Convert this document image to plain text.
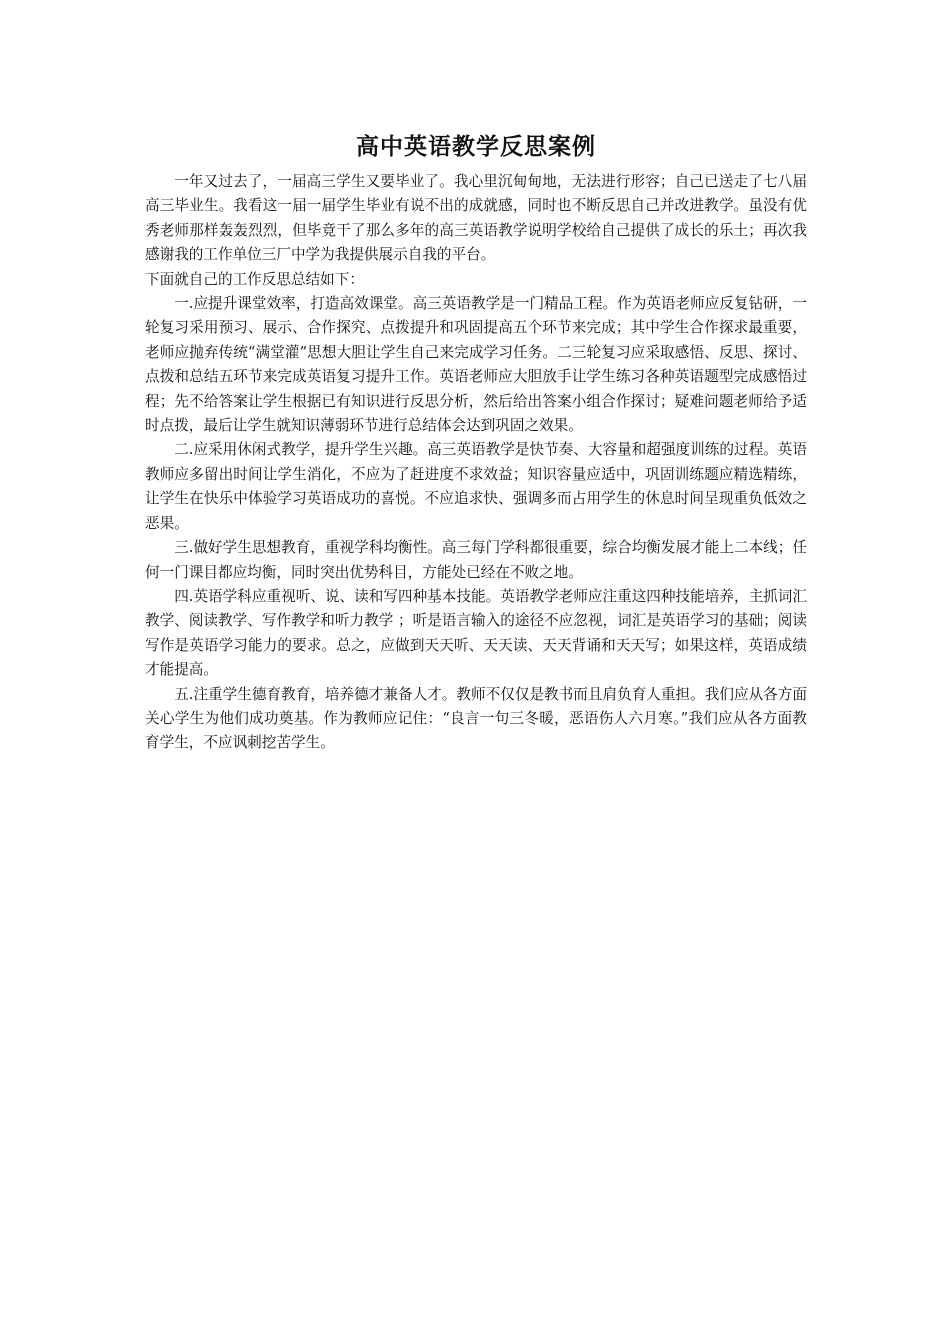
高中英语教学反思案例

一年又过去了，一届高三学生又要毕业了。我心里沉甸甸地，无法进行形容；自己已送走了七八届高三毕业生。我看这一届一届学生毕业有说不出的成就感，同时也不断反思自己并改进教学。虽没有优秀老师那样轰轰烈烈，但毕竟干了那么多年的高三英语教学说明学校给自己提供了成长的乐土；再次我感谢我的工作单位三厂中学为我提供展示自我的平台。

下面就自己的工作反思总结如下：

一.应提升课堂效率，打造高效课堂。高三英语教学是一门精品工程。作为英语老师应反复钻研，一轮复习采用预习、展示、合作探究、点拨提升和巩固提高五个环节来完成；其中学生合作探求最重要，老师应抛弃传统“满堂灌”思想大胆让学生自己来完成学习任务。二三轮复习应采取感悟、反思、探讨、点拨和总结五环节来完成英语复习提升工作。英语老师应大胆放手让学生练习各种英语题型完成感悟过程；先不给答案让学生根据已有知识进行反思分析，然后给出答案小组合作探讨；疑难问题老师给予适时点拨，最后让学生就知识薄弱环节进行总结体会达到巩固之效果。

二.应采用休闲式教学，提升学生兴趣。高三英语教学是快节奏、大容量和超强度训练的过程。英语教师应多留出时间让学生消化，不应为了赶进度不求效益；知识容量应适中，巩固训练题应精选精练，让学生在快乐中体验学习英语成功的喜悦。不应追求快、强调多而占用学生的休息时间呈现重负低效之恶果。

三.做好学生思想教育，重视学科均衡性。高三每门学科都很重要，综合均衡发展才能上二本线；任何一门课目都应均衡，同时突出优势科目，方能处已经在不败之地。

四.英语学科应重视听、说、读和写四种基本技能。英语教学老师应注重这四种技能培养，主抓词汇教学、阅读教学、写作教学和听力教学 ；听是语言输入的途径不应忽视，词汇是英语学习的基础；阅读写作是英语学习能力的要求。总之，应做到天天听、天天读、天天背诵和天天写；如果这样，英语成绩才能提高。

五.注重学生德育教育，培养德才兼备人才。教师不仅仅是教书而且肩负育人重担。我们应从各方面关心学生为他们成功奠基。作为教师应记住：“良言一句三冬暖，恶语伤人六月寒。”我们应从各方面教育学生，不应讽刺挖苦学生。
